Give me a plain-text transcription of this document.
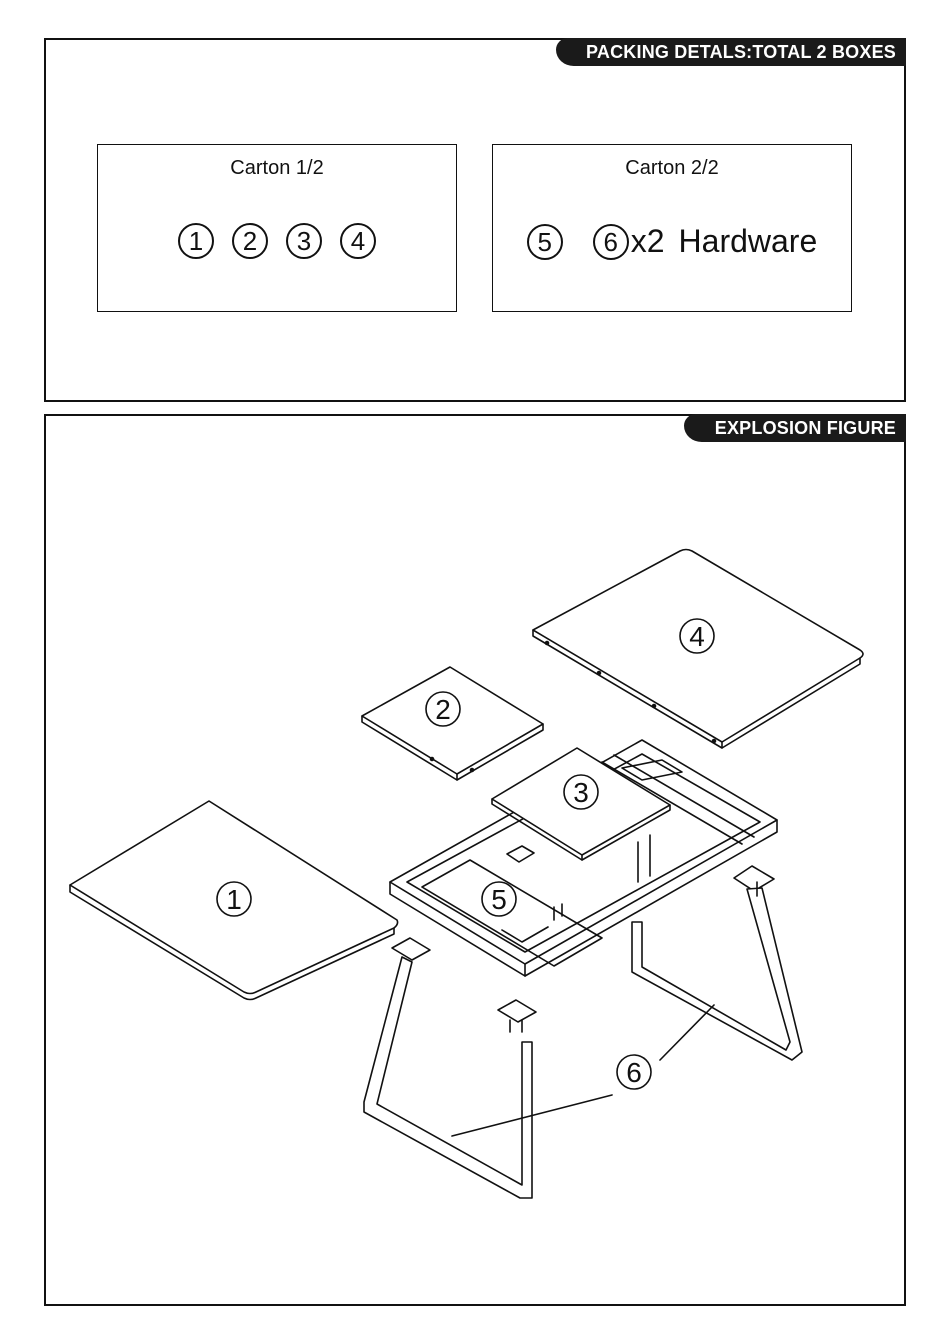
PACKING DETALS:TOTAL 2 BOXES
Carton 1/2
1	2	3	4
Carton 2/2
5	6 x2 Hardware
EXPLOSION FIGURE
4
2
3
1	5
6
